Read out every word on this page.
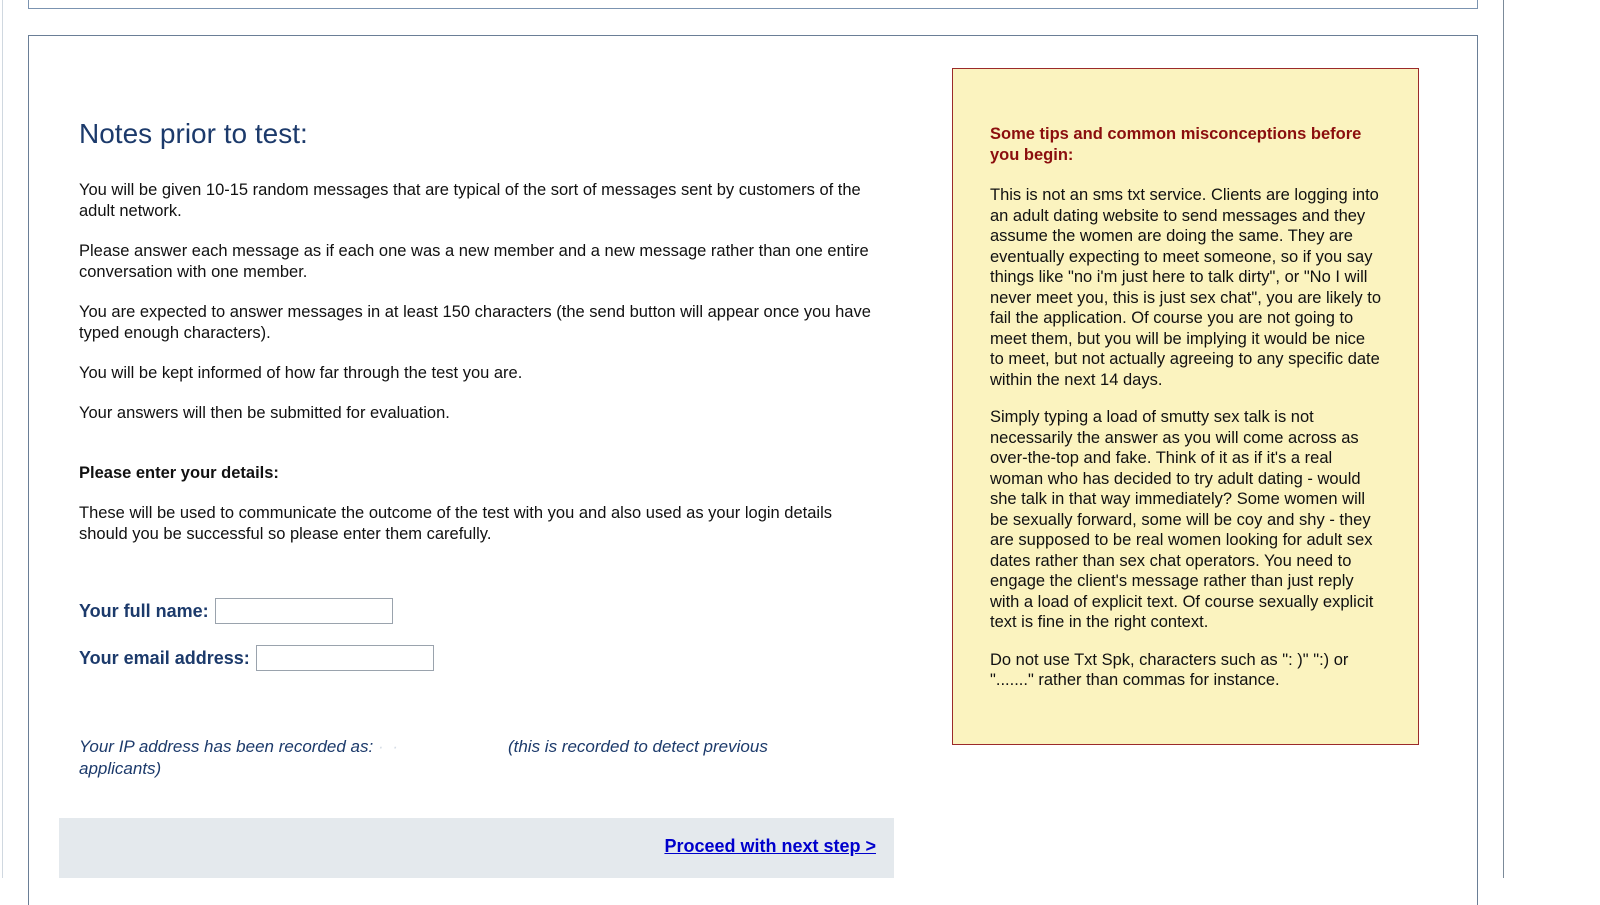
Notes prior to test:

You will be given 10-15 random messages that are typical of the sort of messages sent by customers of the adult network.

Please answer each message as if each one was a new member and a new message rather than one entire conversation with one member.

You are expected to answer messages in at least 150 characters (the send button will appear once you have typed enough characters).

You will be kept informed of how far through the test you are.

Your answers will then be submitted for evaluation.

Please enter your details:

These will be used to communicate the outcome of the test with you and also used as your login details should you be successful so please enter them carefully.

Your full name:
Your email address:
Your IP address has been recorded as: · ·	(this is recorded to detect previous applicants)
Proceed with next step >
Some tips and common misconceptions before you begin:

This is not an sms txt service. Clients are logging into an adult dating website to send messages and they assume the women are doing the same. They are eventually expecting to meet someone, so if you say things like "no i'm just here to talk dirty", or "No I will never meet you, this is just sex chat", you are likely to fail the application. Of course you are not going to meet them, but you will be implying it would be nice to meet, but not actually agreeing to any specific date within the next 14 days.

Simply typing a load of smutty sex talk is not necessarily the answer as you will come across as over-the-top and fake. Think of it as if it's a real woman who has decided to try adult dating - would she talk in that way immediately? Some women will be sexually forward, some will be coy and shy - they are supposed to be real women looking for adult sex dates rather than sex chat operators. You need to engage the client's message rather than just reply with a load of explicit text. Of course sexually explicit text is fine in the right context.

Do not use Txt Spk, characters such as ": )" ":) or "......." rather than commas for instance.
